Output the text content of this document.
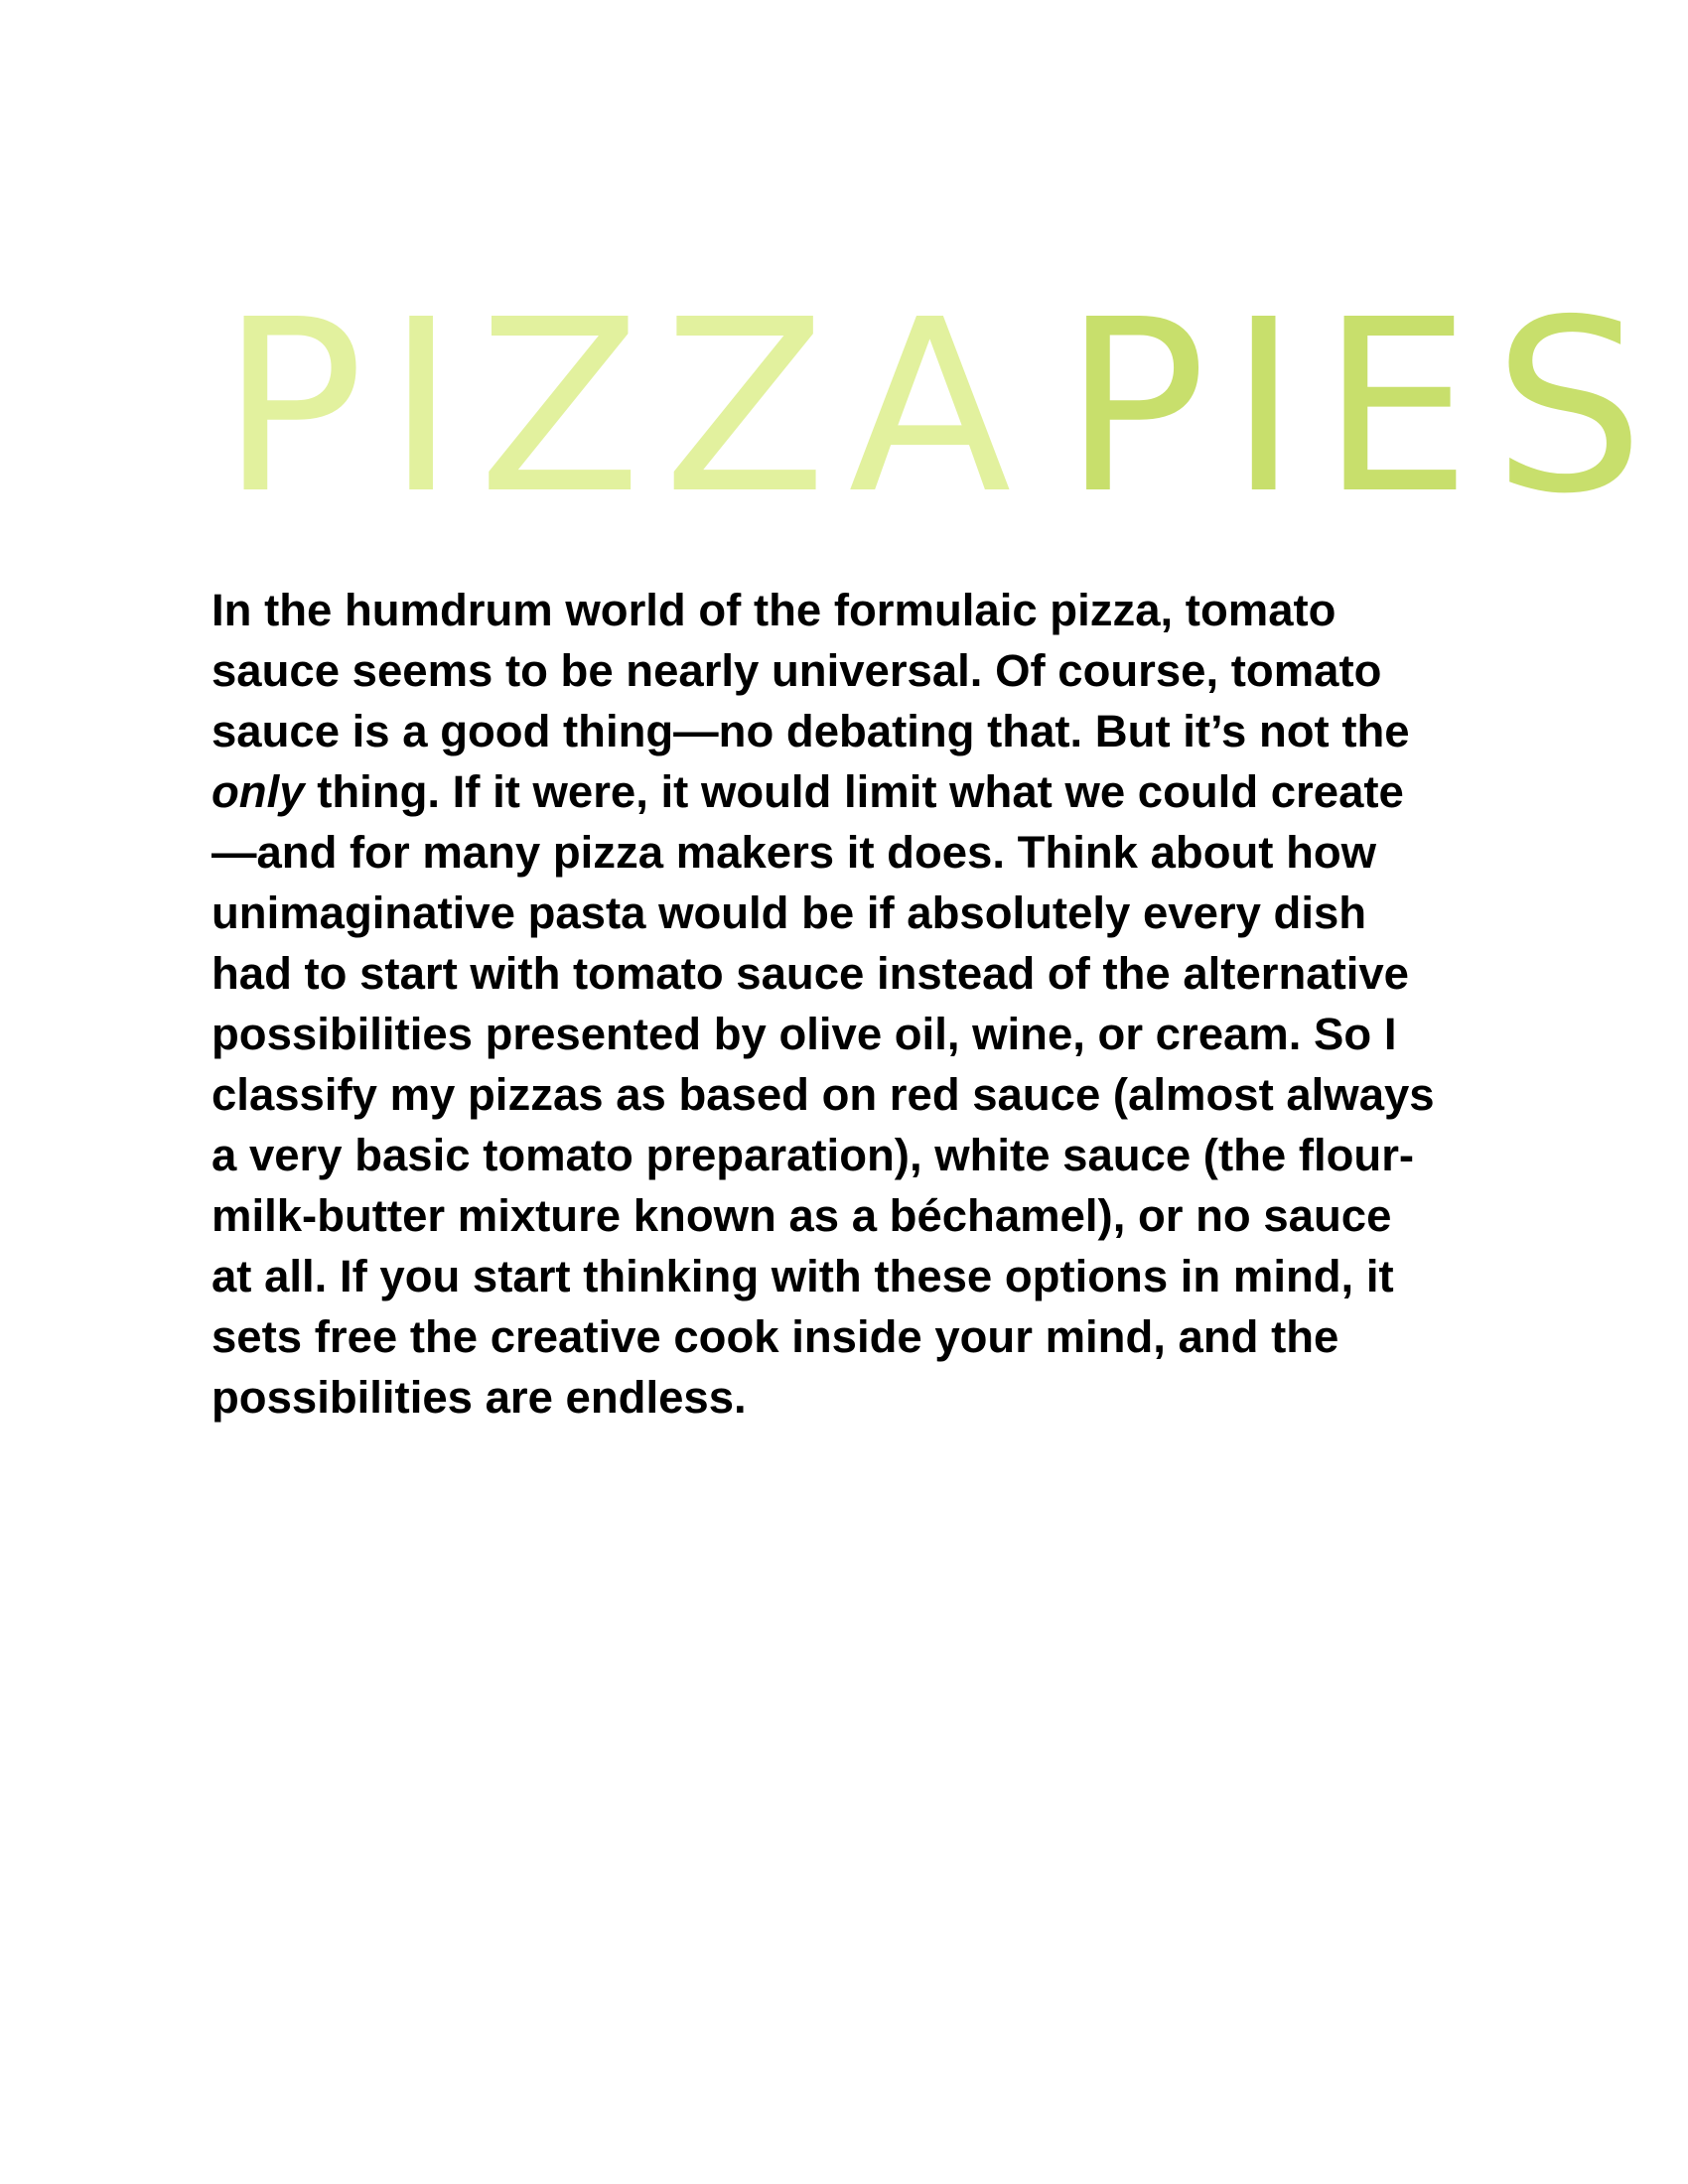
PIZZA PIES

In the humdrum world of the formulaic pizza, tomato
sauce seems to be nearly universal. Of course, tomato
sauce is a good thing—no debating that. But it’s not the
only thing. If it were, it would limit what we could create
—and for many pizza makers it does. Think about how
unimaginative pasta would be if absolutely every dish
had to start with tomato sauce instead of the alternative
possibilities presented by olive oil, wine, or cream. So I
classify my pizzas as based on red sauce (almost always
a very basic tomato preparation), white sauce (the flour-
milk-butter mixture known as a béchamel), or no sauce
at all. If you start thinking with these options in mind, it
sets free the creative cook inside your mind, and the
possibilities are endless.
